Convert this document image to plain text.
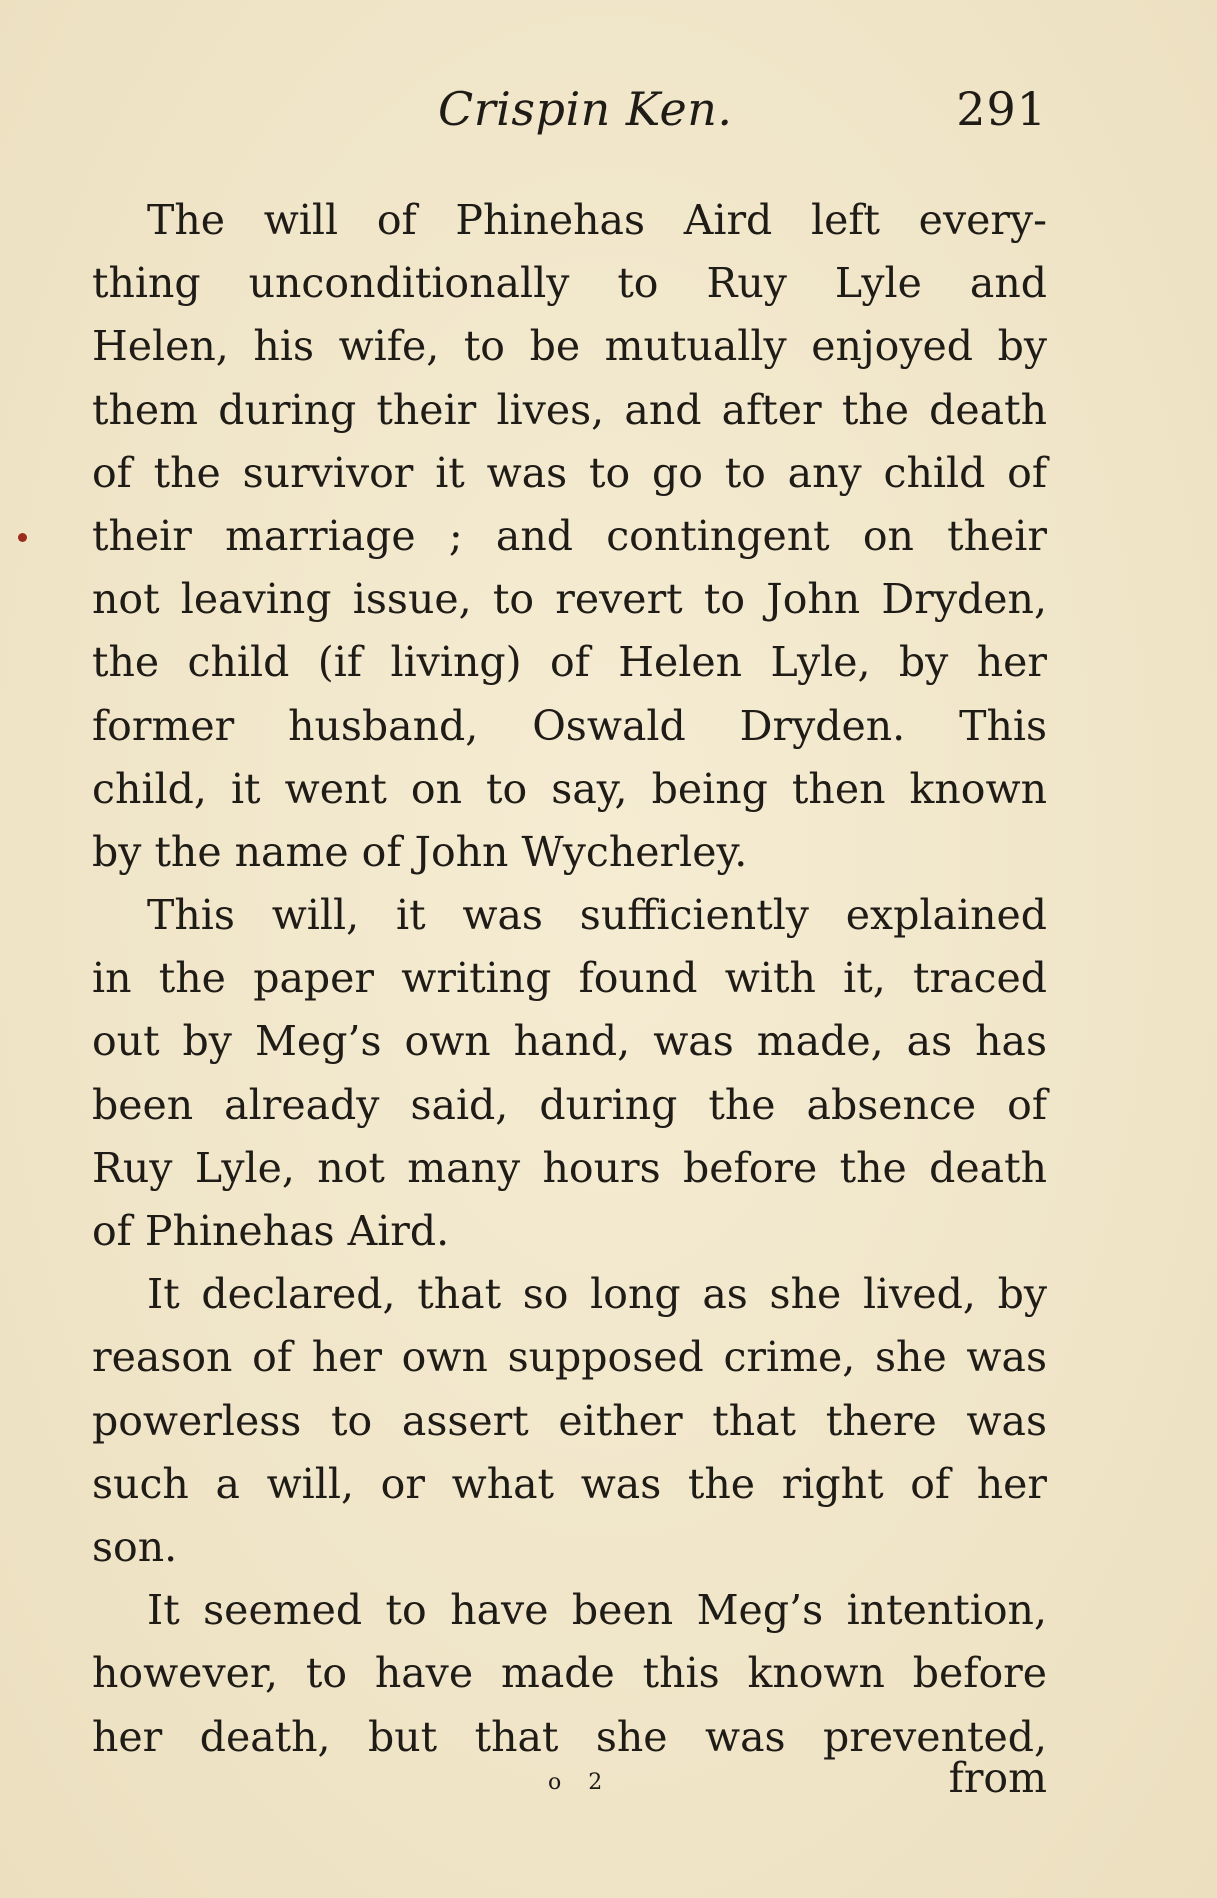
Crispin Ken.	291
The will of Phinehas Aird left every-
thing unconditionally to Ruy Lyle and
Helen, his wife, to be mutually enjoyed by
them during their lives, and after the death
of the survivor it was to go to any child of
their marriage ; and contingent on their
not leaving issue, to revert to John Dryden,
the child (if living) of Helen Lyle, by her
former husband, Oswald Dryden. This
child, it went on to say, being then known
by the name of John Wycherley.
This will, it was sufficiently explained
in the paper writing found with it, traced
out by Meg’s own hand, was made, as has
been already said, during the absence of
Ruy Lyle, not many hours before the death
of Phinehas Aird.
It declared, that so long as she lived, by
reason of her own supposed crime, she was
powerless to assert either that there was
such a will, or what was the right of her
son.
It seemed to have been Meg’s intention,
however, to have made this known before
her death, but that she was prevented,
o 2	from
